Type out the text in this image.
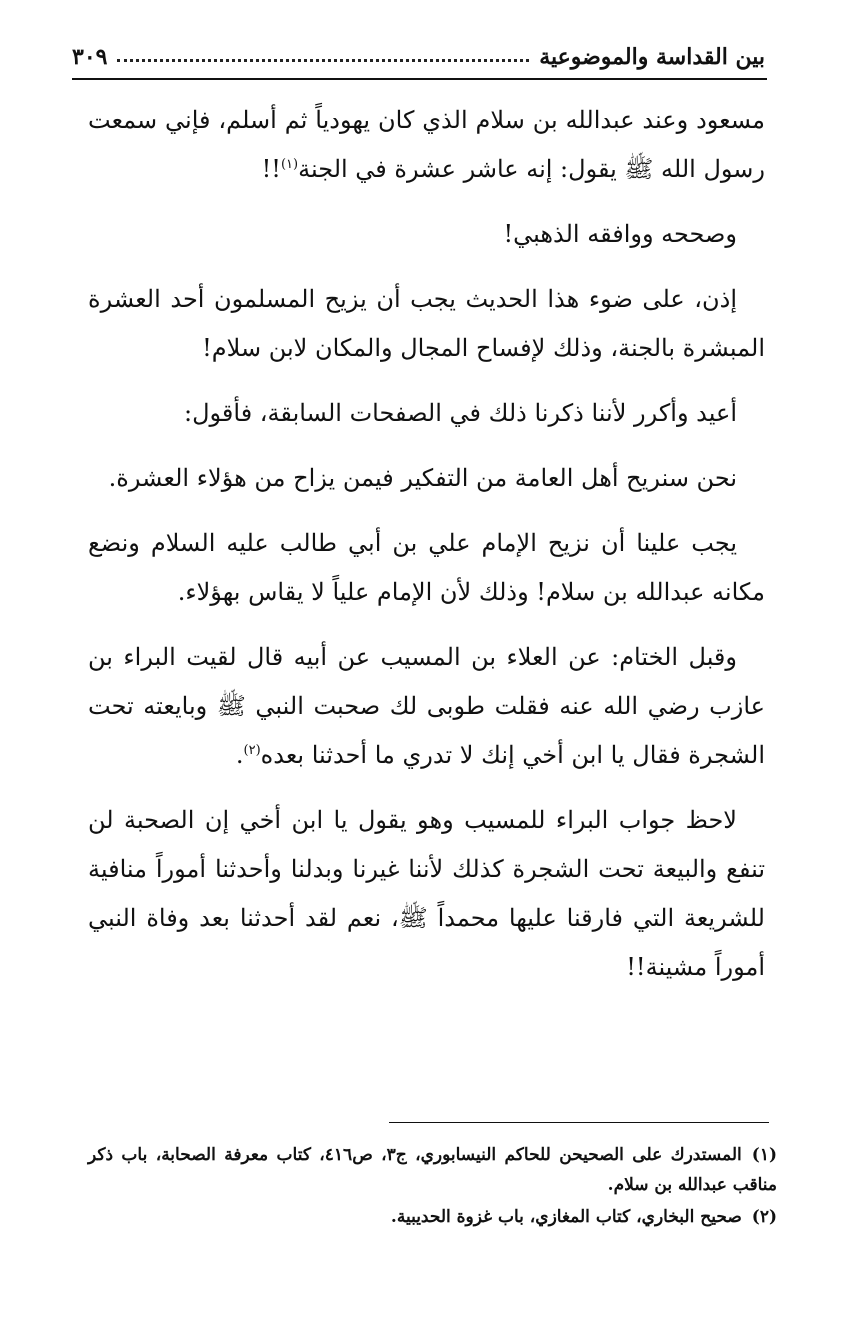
بين القداسة والموضوعية
٣٠٩

مسعود وعند عبدالله بن سلام الذي كان يهودياً ثم أسلم، فإني سمعت رسول الله ﷺ يقول: إنه عاشر عشرة في الجنة$^{(١)}$!!

وصححه ووافقه الذهبي!

إذن، على ضوء هذا الحديث يجب أن يزيح المسلمون أحد العشرة المبشرة بالجنة، وذلك لإفساح المجال والمكان لابن سلام!

أعيد وأكرر لأننا ذكرنا ذلك في الصفحات السابقة، فأقول:

نحن سنريح أهل العامة من التفكير فيمن يزاح من هؤلاء العشرة.

يجب علينا أن نزيح الإمام علي بن أبي طالب عليه السلام ونضع مكانه عبدالله بن سلام! وذلك لأن الإمام علياً لا يقاس بهؤلاء.

وقبل الختام: عن العلاء بن المسيب عن أبيه قال لقيت البراء بن عازب رضي الله عنه فقلت طوبى لك صحبت النبي ﷺ وبايعته تحت الشجرة فقال يا ابن أخي إنك لا تدري ما أحدثنا بعده$^{(٢)}$.

لاحظ جواب البراء للمسيب وهو يقول يا ابن أخي إن الصحبة لن تنفع والبيعة تحت الشجرة كذلك لأننا غيرنا وبدلنا وأحدثنا أموراً منافية للشريعة التي فارقنا عليها محمداً ﷺ، نعم لقد أحدثنا بعد وفاة النبي أموراً مشينة!!

(١)المستدرك على الصحيحن للحاكم النيسابوري، ج٣، ص٤١٦، كتاب معرفة الصحابة، باب ذكر مناقب عبدالله بن سلام.

(٢)صحيح البخاري، كتاب المغازي، باب غزوة الحديبية.
